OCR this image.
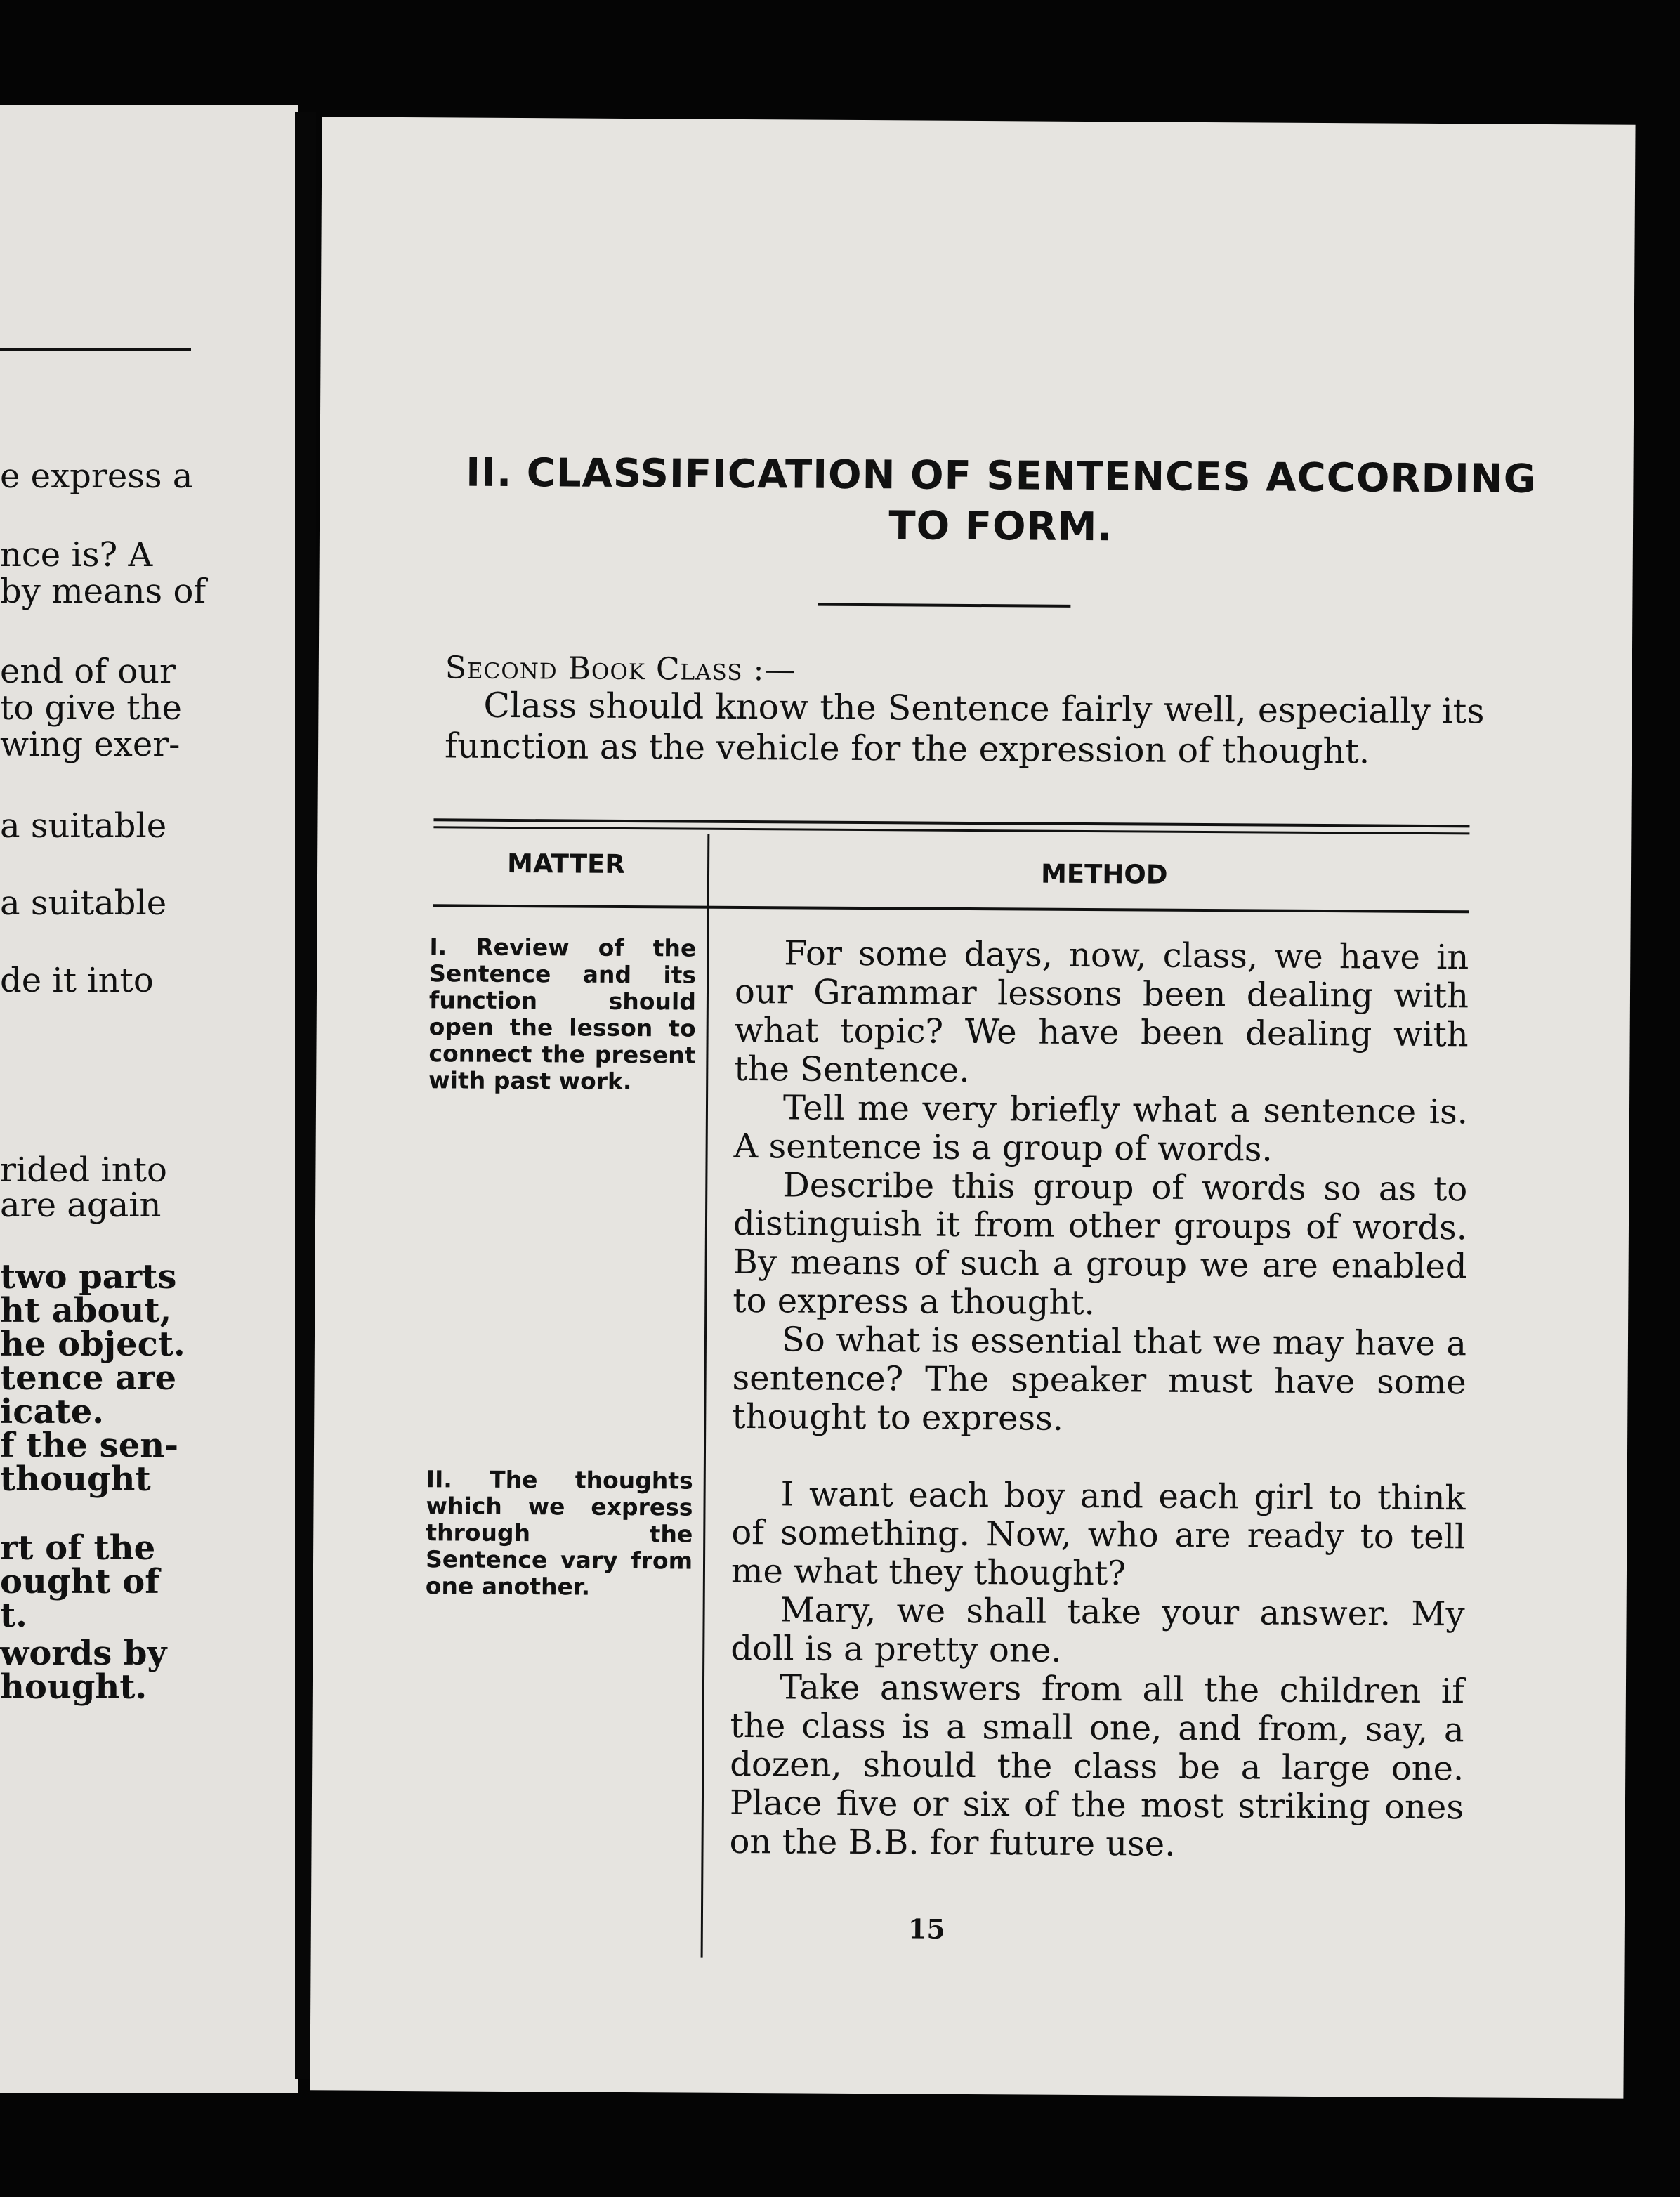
e express a
nce is? A
by means of
end of our
to give the
wing exer-
a suitable
a suitable
de it into
rided into
are again
two parts
ht about,
he object.
tence are
icate.
f the sen-
thought
rt of the
ought of
t.
words by
hought.
II. CLASSIFICATION OF SENTENCES ACCORDING
TO FORM.
Second Book Class :—
Class should know the Sentence fairly well, especially its function as the vehicle for the expression of thought.
MATTER	METHOD
I. Review of the Sentence and its function should open the lesson to connect the present with past work.
II. The thoughts which we express through the Sentence vary from one another.

For some days, now, class, we have in our Grammar lessons been dealing with what topic? We have been dealing with the Sentence.

Tell me very briefly what a sentence is. A sentence is a group of words.

Describe this group of words so as to distinguish it from other groups of words. By means of such a group we are enabled to express a thought.

So what is essential that we may have a sentence? The speaker must have some thought to express.

I want each boy and each girl to think of something. Now, who are ready to tell me what they thought?

Mary, we shall take your answer. My doll is a pretty one.

Take answers from all the children if the class is a small one, and from, say, a dozen, should the class be a large one. Place five or six of the most striking ones on the B.B. for future use.

15
